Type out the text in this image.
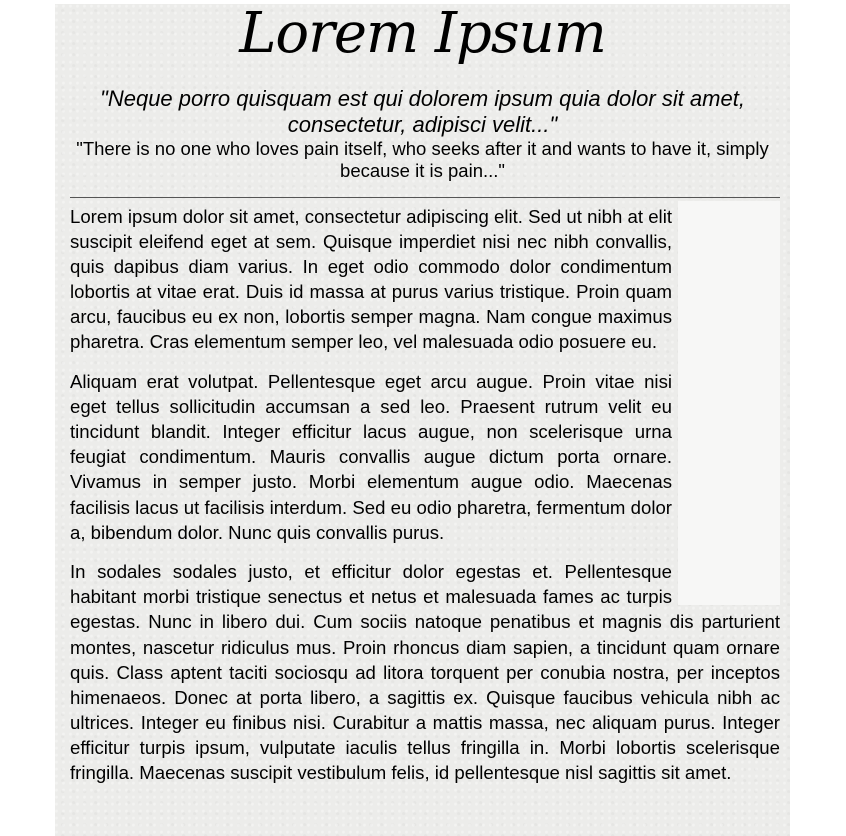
Lorem Ipsum
"Neque porro quisquam est qui dolorem ipsum quia dolor sit amet, consectetur, adipisci velit..."
"There is no one who loves pain itself, who seeks after it and wants to have it, simply because it is pain..."

Lorem ipsum dolor sit amet, consectetur adipiscing elit. Sed ut nibh at elit suscipit eleifend eget at sem. Quisque imperdiet nisi nec nibh convallis, quis dapibus diam varius. In eget odio commodo dolor condimentum lobortis at vitae erat. Duis id massa at purus varius tristique. Proin quam arcu, faucibus eu ex non, lobortis semper magna. Nam congue maximus pharetra. Cras elementum semper leo, vel malesuada odio posuere eu.

Aliquam erat volutpat. Pellentesque eget arcu augue. Proin vitae nisi eget tellus sollicitudin accumsan a sed leo. Praesent rutrum velit eu tincidunt blandit. Integer efficitur lacus augue, non scelerisque urna feugiat condimentum. Mauris convallis augue dictum porta ornare. Vivamus in semper justo. Morbi elementum augue odio. Maecenas facilisis lacus ut facilisis interdum. Sed eu odio pharetra, fermentum dolor a, bibendum dolor. Nunc quis convallis purus.

In sodales sodales justo, et efficitur dolor egestas et. Pellentesque habitant morbi tristique senectus et netus et malesuada fames ac turpis egestas. Nunc in libero dui. Cum sociis natoque penatibus et magnis dis parturient montes, nascetur ridiculus mus. Proin rhoncus diam sapien, a tincidunt quam ornare quis. Class aptent taciti sociosqu ad litora torquent per conubia nostra, per inceptos himenaeos. Donec at porta libero, a sagittis ex. Quisque faucibus vehicula nibh ac ultrices. Integer eu finibus nisi. Curabitur a mattis massa, nec aliquam purus. Integer efficitur turpis ipsum, vulputate iaculis tellus fringilla in. Morbi lobortis scelerisque fringilla. Maecenas suscipit vestibulum felis, id pellentesque nisl sagittis sit amet.
